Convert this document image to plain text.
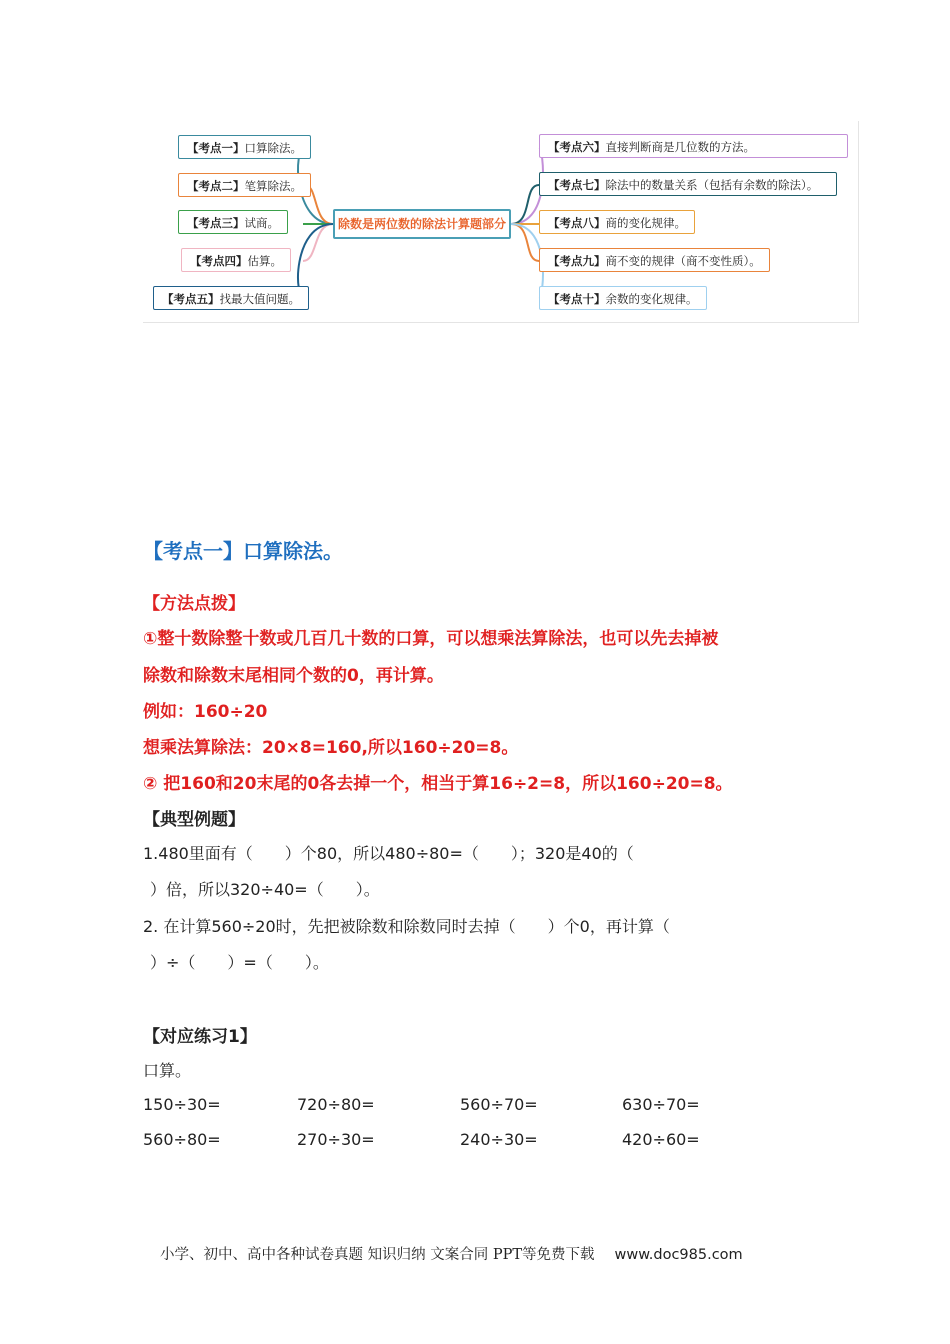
除数是两位数的除法计算题部分
【考点一】口算除法。
【考点二】笔算除法。
【考点三】试商。
【考点四】估算。
【考点五】找最大值问题。
【考点六】直接判断商是几位数的方法。
【考点七】除法中的数量关系（包括有余数的除法）。
【考点八】商的变化规律。
【考点九】商不变的规律（商不变性质）。
【考点十】余数的变化规律。
【考点一】口算除法。
【方法点拨】
①整十数除整十数或几百几十数的口算，可以想乘法算除法，也可以先去掉被
除数和除数末尾相同个数的0，再计算。
例如：160÷20
想乘法算除法：20×8=160,所以160÷20=8。
② 把160和20末尾的0各去掉一个，相当于算16÷2=8，所以160÷20=8。
【典型例题】
1.480里面有（　　）个80，所以480÷80=（　　）；320是40的（
）倍，所以320÷40=（　　）。
2. 在计算560÷20时，先把被除数和除数同时去掉（　　）个0，再计算（
）÷（　　）=（　　）。
【对应练习1】
口算。
150÷30=	720÷80=	560÷70=	630÷70=
560÷80=	270÷30=	240÷30=	420÷60=
小学、初中、高中各种试卷真题 知识归纳 文案合同 PPT等免费下载 www.doc985.com
